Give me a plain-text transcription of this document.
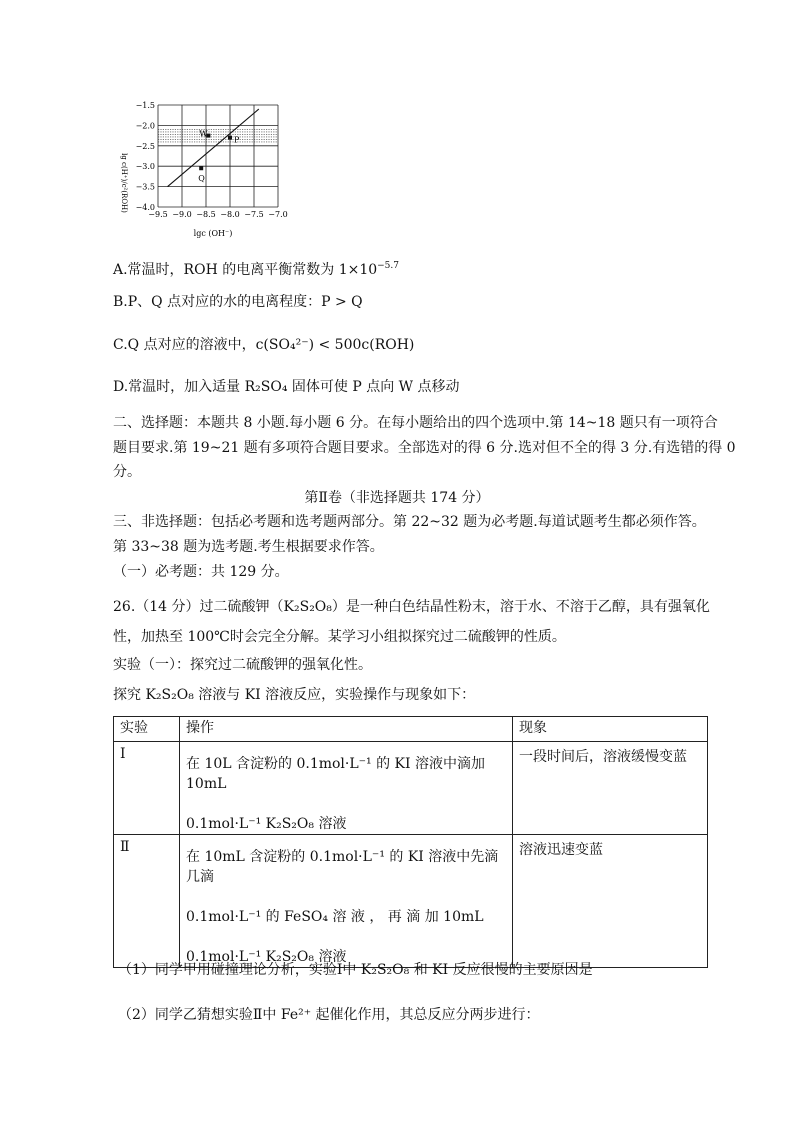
W
P
Q
−9.5 −9.0 −8.5 −8.0 −7.5 −7.0
−1.5
−2.0
−2.5
−3.0
−3.5
−4.0
lg c(H⁺)/c²(ROH)
lgc (OH⁻)
A.常温时，ROH 的电离平衡常数为 $1\times 10^{-5.7}$
B.P、Q 点对应的水的电离程度：P > Q
C.Q 点对应的溶液中，c(SO₄²⁻) < 500c(ROH)
D.常温时，加入适量 R₂SO₄ 固体可使 P 点向 W 点移动
二、选择题：本题共 8 小题.每小题 6 分。在每小题给出的四个选项中.第 14~18 题只有一项符合
题目要求.第 19~21 题有多项符合题目要求。全部选对的得 6 分.选对但不全的得 3 分.有选错的得 0
分。
第Ⅱ卷（非选择题共 174 分）
三、非选择题：包括必考题和选考题两部分。第 22~32 题为必考题.每道试题考生都必须作答。
第 33~38 题为选考题.考生根据要求作答。
（一）必考题：共 129 分。
26.（14 分）过二硫酸钾（K₂S₂O₈）是一种白色结晶性粉末，溶于水、不溶于乙醇，具有强氧化
性，加热至 100℃时会完全分解。某学习小组拟探究过二硫酸钾的性质。
实验（一）：探究过二硫酸钾的强氧化性。
探究 K₂S₂O₈ 溶液与 KI 溶液反应，实验操作与现象如下：
实验	操作	现象
Ⅰ	在 10L 含淀粉的 0.1mol·L⁻¹ 的 KI 溶液中滴加 10mL
0.1mol·L⁻¹ K₂S₂O₈ 溶液	一段时间后，溶液缓慢变蓝
Ⅱ	在 10mL 含淀粉的 0.1mol·L⁻¹ 的 KI 溶液中先滴几滴
0.1mol·L⁻¹ 的 FeSO₄ 溶 液 ， 再 滴 加 10mL
0.1mol·L⁻¹ K₂S₂O₈ 溶液	溶液迅速变蓝
（1）同学甲用碰撞理论分析，实验Ⅰ中 K₂S₂O₈ 和 KI 反应很慢的主要原因是
（2）同学乙猜想实验Ⅱ中 Fe²⁺ 起催化作用，其总反应分两步进行：
